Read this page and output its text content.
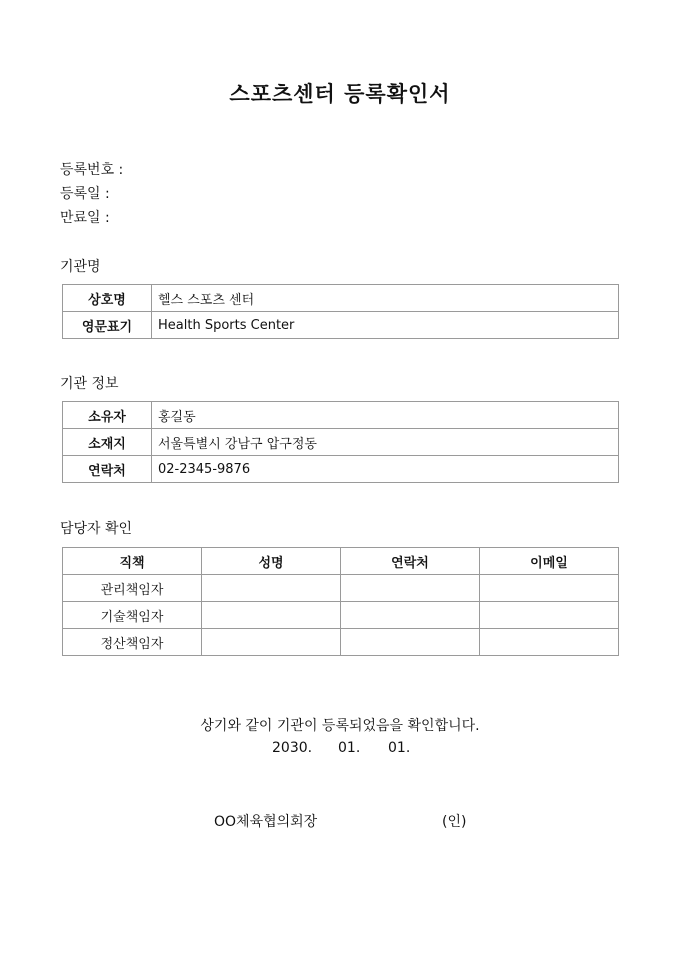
스포츠센터 등록확인서
등록번호 :
등록일 :
만료일 :
기관명
상호명	헬스 스포츠 센터
영문표기	Health Sports Center
기관 정보
소유자	홍길동
소재지	서울특별시 강남구 압구정동
연락처	02-2345-9876
담당자 확인
직책	성명	연락처	이메일
관리책임자			
기술책임자			
정산책임자			
상기와 같이 기관이 등록되었음을 확인합니다.
2030. 01. 01.
OO체육협의회장	(인)
